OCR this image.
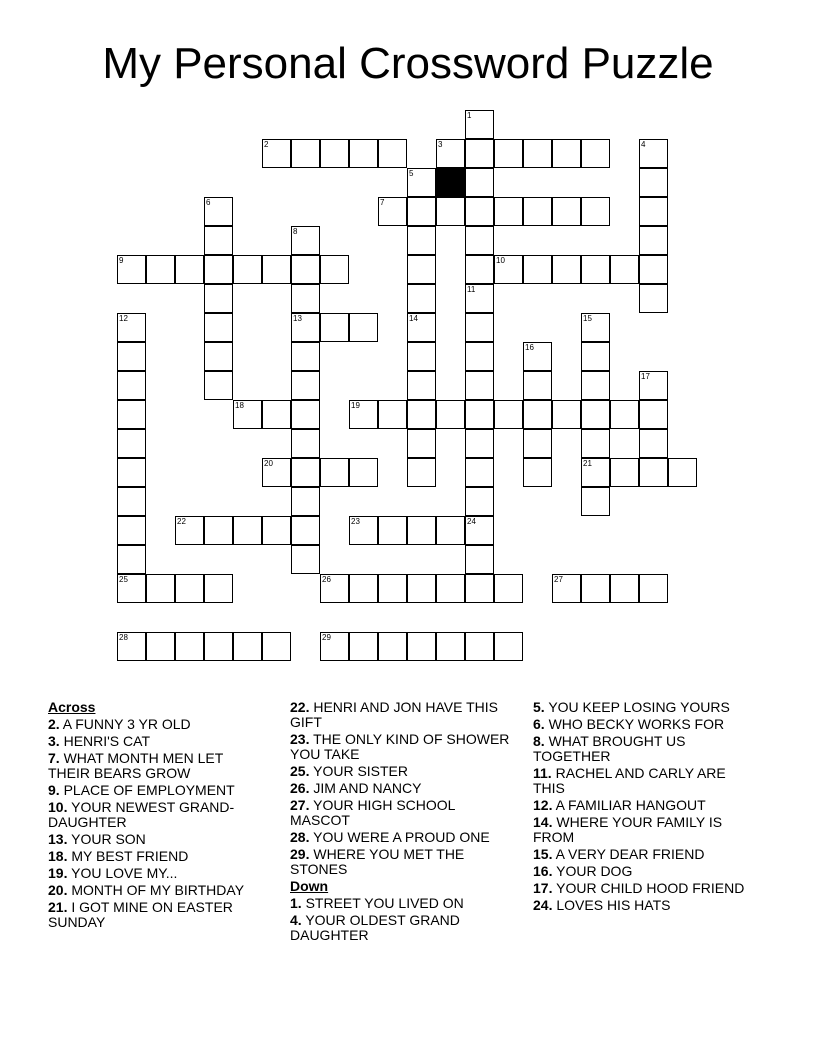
My Personal Crossword Puzzle
1
11
2	3	4
5
6	7
8
13
9	10
12
25
14	15
21
16
17
18	19
20
22	23	24
26	27
28	29
Across
2. A FUNNY 3 YR OLD
3. HENRI'S CAT
7. WHAT MONTH MEN LET THEIR BEARS GROW
9. PLACE OF EMPLOYMENT
10. YOUR NEWEST GRAND-DAUGHTER
13. YOUR SON
18. MY BEST FRIEND
19. YOU LOVE MY...
20. MONTH OF MY BIRTHDAY
21. I GOT MINE ON EASTER SUNDAY
22. HENRI AND JON HAVE THIS GIFT
23. THE ONLY KIND OF SHOWER YOU TAKE
25. YOUR SISTER
26. JIM AND NANCY
27. YOUR HIGH SCHOOL MASCOT
28. YOU WERE A PROUD ONE
29. WHERE YOU MET THE STONES
Down
1. STREET YOU LIVED ON
4. YOUR OLDEST GRAND DAUGHTER
5. YOU KEEP LOSING YOURS
6. WHO BECKY WORKS FOR
8. WHAT BROUGHT US TOGETHER
11. RACHEL AND CARLY ARE THIS
12. A FAMILIAR HANGOUT
14. WHERE YOUR FAMILY IS FROM
15. A VERY DEAR FRIEND
16. YOUR DOG
17. YOUR CHILD HOOD FRIEND
24. LOVES HIS HATS
